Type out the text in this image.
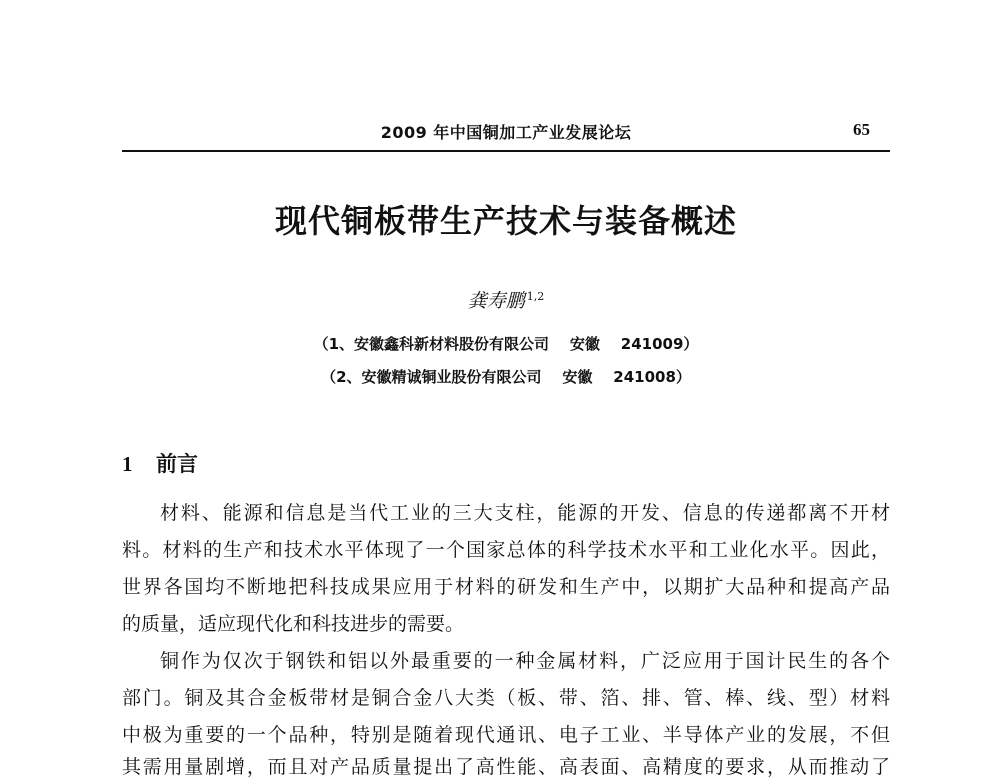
2009 年中国铜加工产业发展论坛	65
现代铜板带生产技术与装备概述
龚寿鹏 $^{1,2}$
（1、安徽鑫科新材料股份有限公司    安徽    241009）
（2、安徽精诚铜业股份有限公司    安徽    241008）
1 前言
材料、能源和信息是当代工业的三大支柱，能源的开发、信息的传递都离不开材
料。材料的生产和技术水平体现了一个国家总体的科学技术水平和工业化水平。因此，
世界各国均不断地把科技成果应用于材料的研发和生产中，以期扩大品种和提高产品
的质量，适应现代化和科技进步的需要。
铜作为仅次于钢铁和铝以外最重要的一种金属材料，广泛应用于国计民生的各个
部门。铜及其合金板带材是铜合金八大类（板、带、箔、排、管、棒、线、型）材料
中极为重要的一个品种，特别是随着现代通讯、电子工业、半导体产业的发展，不但
其需用量剧增，而且对产品质量提出了高性能、高表面、高精度的要求，从而推动了
